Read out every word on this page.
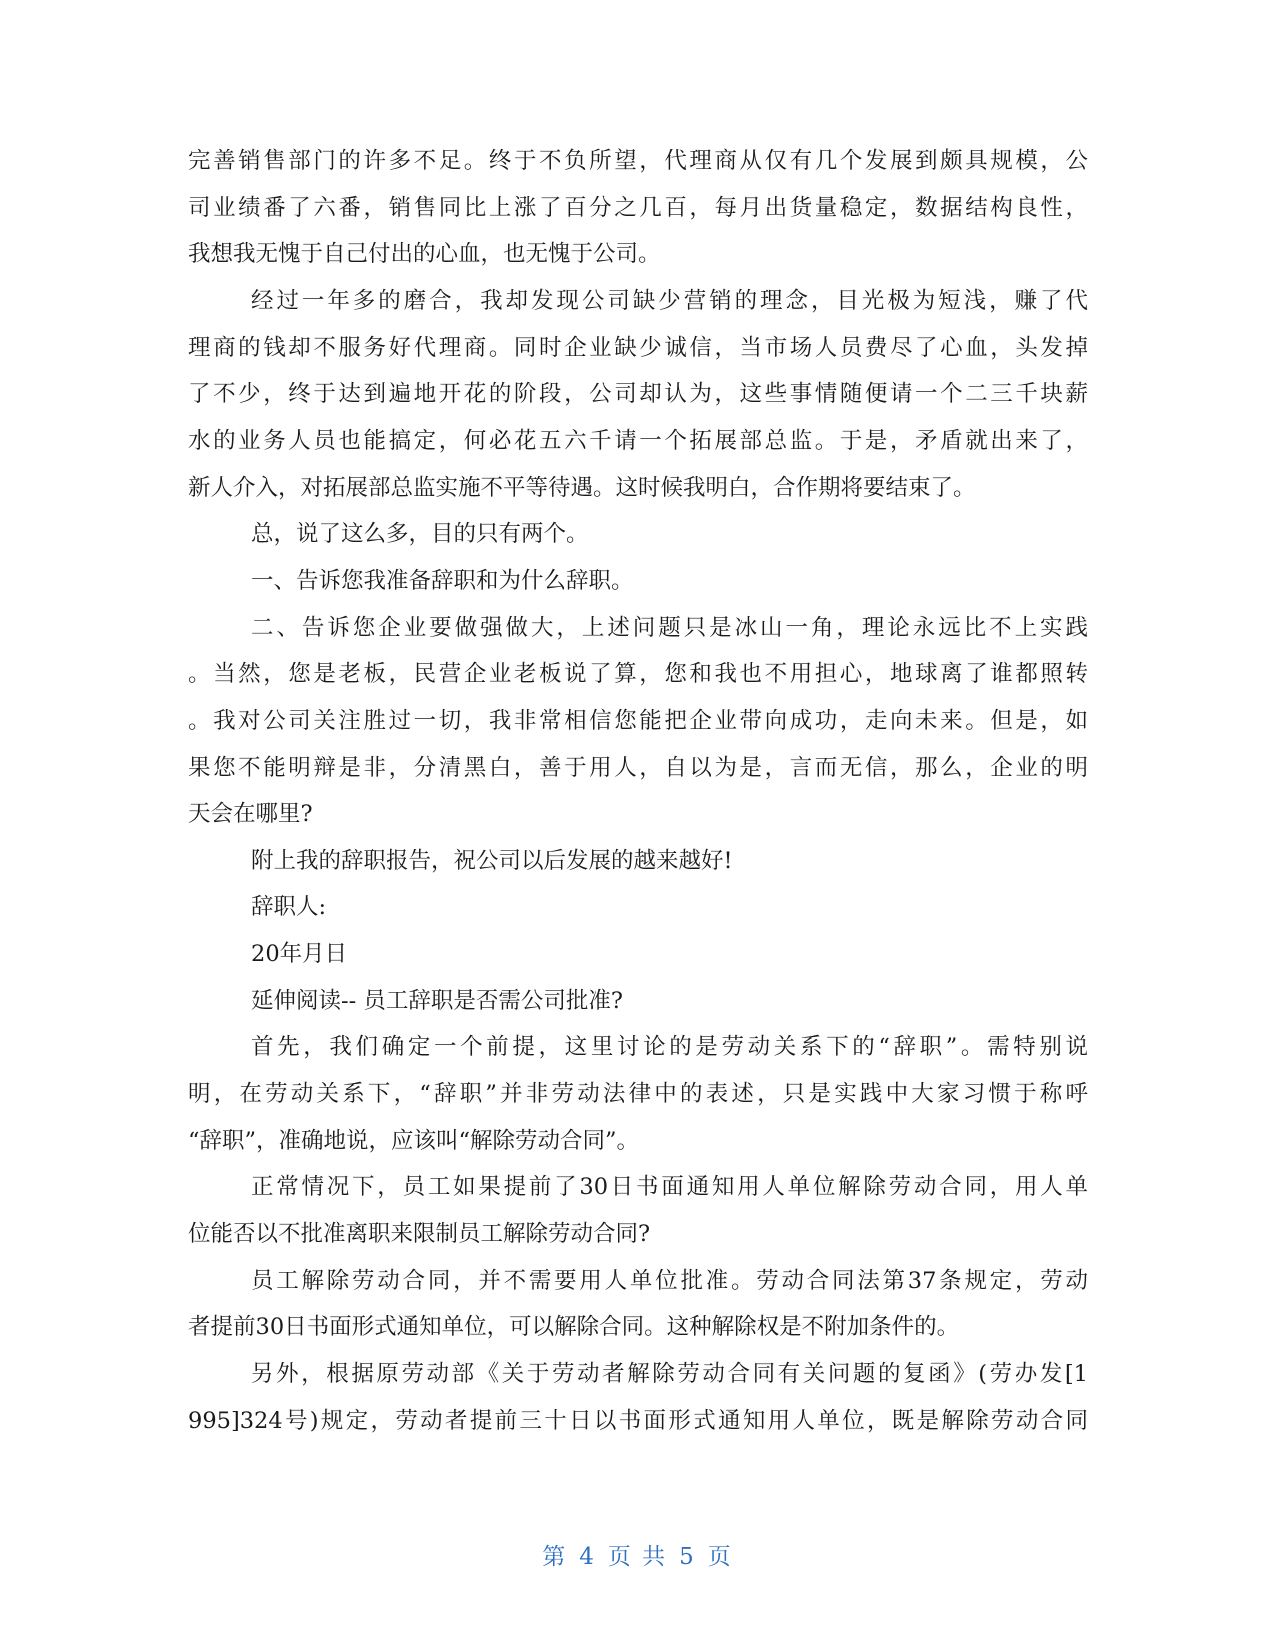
完善销售部门的许多不足。终于不负所望，代理商从仅有几个发展到颇具规模，公
司业绩番了六番，销售同比上涨了百分之几百，每月出货量稳定，数据结构良性，
我想我无愧于自己付出的心血，也无愧于公司。
经过一年多的磨合，我却发现公司缺少营销的理念，目光极为短浅，赚了代
理商的钱却不服务好代理商。同时企业缺少诚信，当市场人员费尽了心血，头发掉
了不少，终于达到遍地开花的阶段，公司却认为，这些事情随便请一个二三千块薪
水的业务人员也能搞定，何必花五六千请一个拓展部总监。于是，矛盾就出来了，
新人介入，对拓展部总监实施不平等待遇。这时候我明白，合作期将要结束了。
总，说了这么多，目的只有两个。
一、告诉您我准备辞职和为什么辞职。
二、告诉您企业要做强做大，上述问题只是冰山一角，理论永远比不上实践
。当然，您是老板，民营企业老板说了算，您和我也不用担心，地球离了谁都照转
。我对公司关注胜过一切，我非常相信您能把企业带向成功，走向未来。但是，如
果您不能明辩是非，分清黑白，善于用人，自以为是，言而无信，那么，企业的明
天会在哪里?
附上我的辞职报告，祝公司以后发展的越来越好!
辞职人:
20年月日
延伸阅读-- 员工辞职是否需公司批准?
首先，我们确定一个前提，这里讨论的是劳动关系下的“辞职”。需特别说
明，在劳动关系下，“辞职”并非劳动法律中的表述，只是实践中大家习惯于称呼
“辞职”，准确地说，应该叫“解除劳动合同”。
正常情况下，员工如果提前了30日书面通知用人单位解除劳动合同，用人单
位能否以不批准离职来限制员工解除劳动合同?
员工解除劳动合同，并不需要用人单位批准。劳动合同法第37条规定，劳动
者提前30日书面形式通知单位，可以解除合同。这种解除权是不附加条件的。
另外，根据原劳动部《关于劳动者解除劳动合同有关问题的复函》(劳办发[1
995]324号)规定，劳动者提前三十日以书面形式通知用人单位，既是解除劳动合同
第 4 页 共 5 页
